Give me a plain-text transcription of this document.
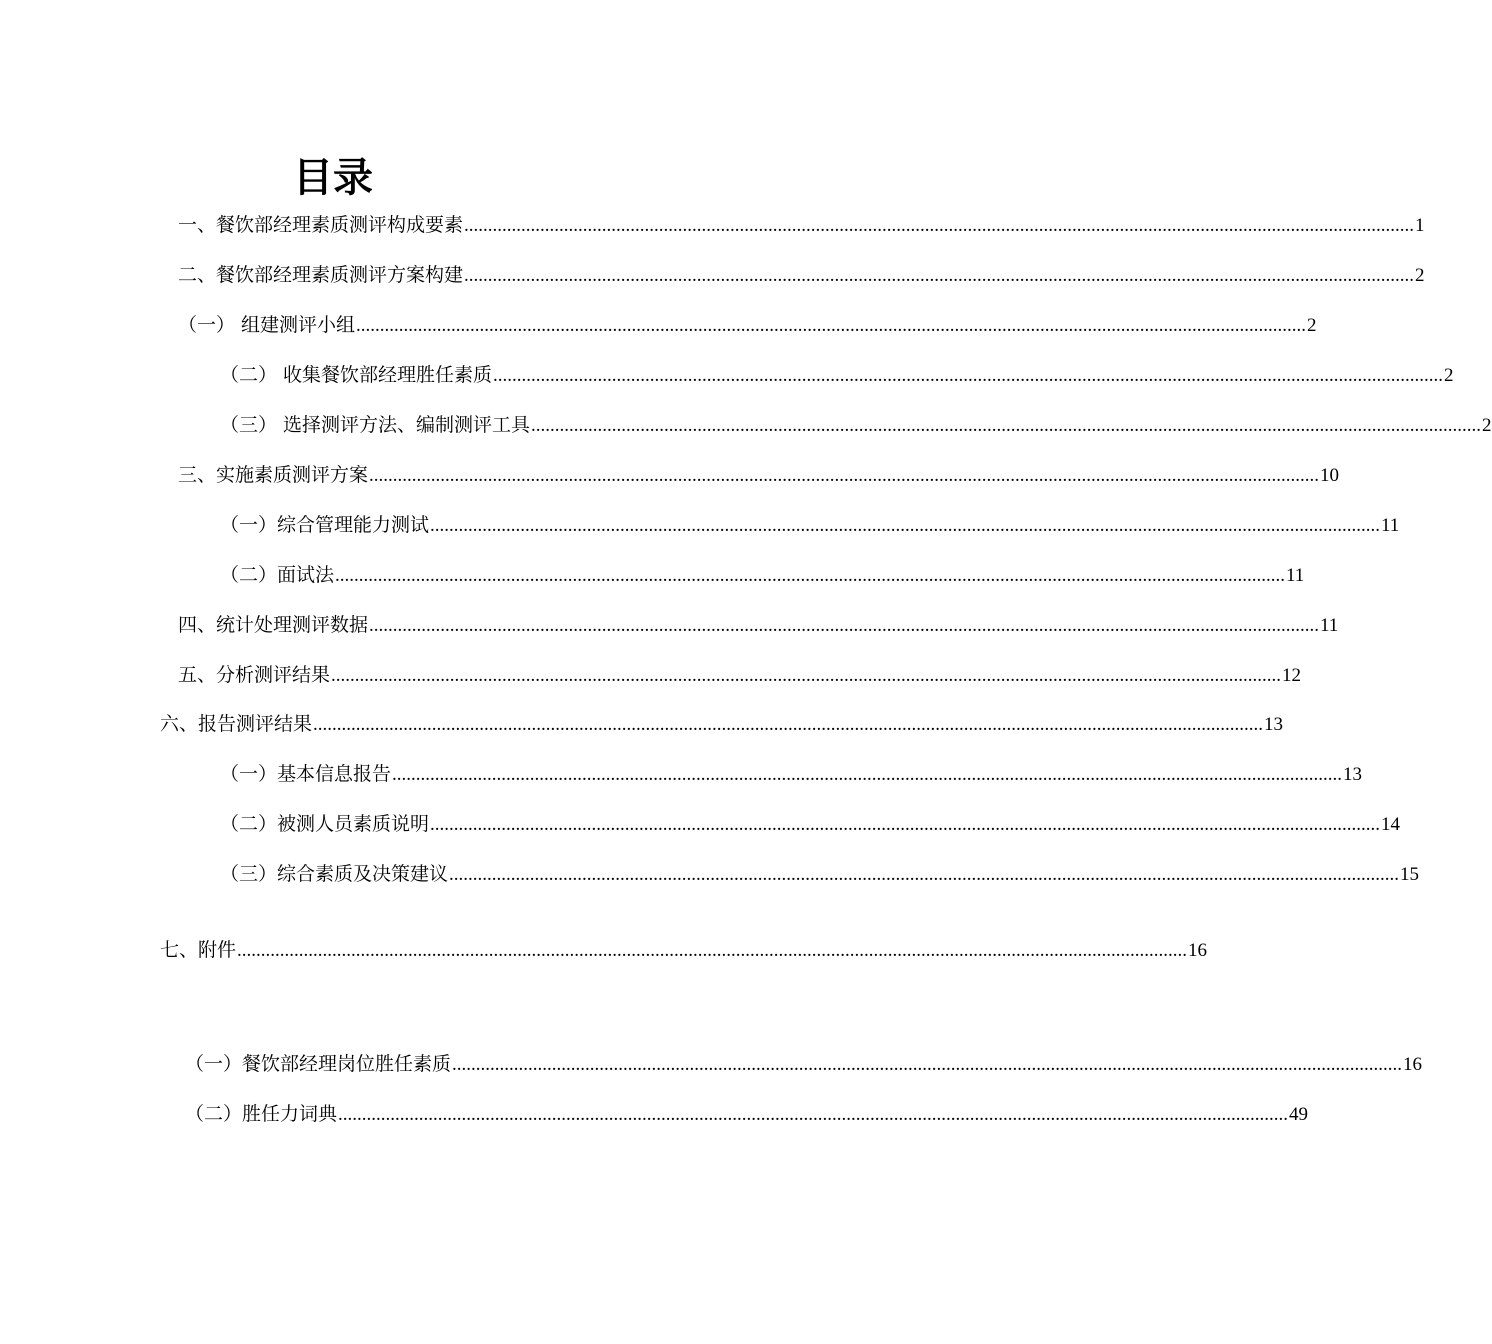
目录
一、餐饮部经理素质测评构成要素 ........................................................................................................................................................................................................ 1
二、餐饮部经理素质测评方案构建 ........................................................................................................................................................................................................ 2
（一） 组建测评小组 ........................................................................................................................................................................................................ 2
（二） 收集餐饮部经理胜任素质 ........................................................................................................................................................................................................ 2
（三） 选择测评方法、编制测评工具 ........................................................................................................................................................................................................ 2
三、实施素质测评方案 ........................................................................................................................................................................................................ 10
（一）综合管理能力测试 ........................................................................................................................................................................................................ 11
（二）面试法 ........................................................................................................................................................................................................ 11
四、统计处理测评数据 ........................................................................................................................................................................................................ 11
五、分析测评结果 ........................................................................................................................................................................................................ 12
六、报告测评结果 ........................................................................................................................................................................................................ 13
（一）基本信息报告 ........................................................................................................................................................................................................ 13
（二）被测人员素质说明 ........................................................................................................................................................................................................ 14
（三）综合素质及决策建议 ........................................................................................................................................................................................................ 15
七、附件 ........................................................................................................................................................................................................ 16
（一）餐饮部经理岗位胜任素质 ........................................................................................................................................................................................................ 16
（二）胜任力词典 ........................................................................................................................................................................................................ 49
